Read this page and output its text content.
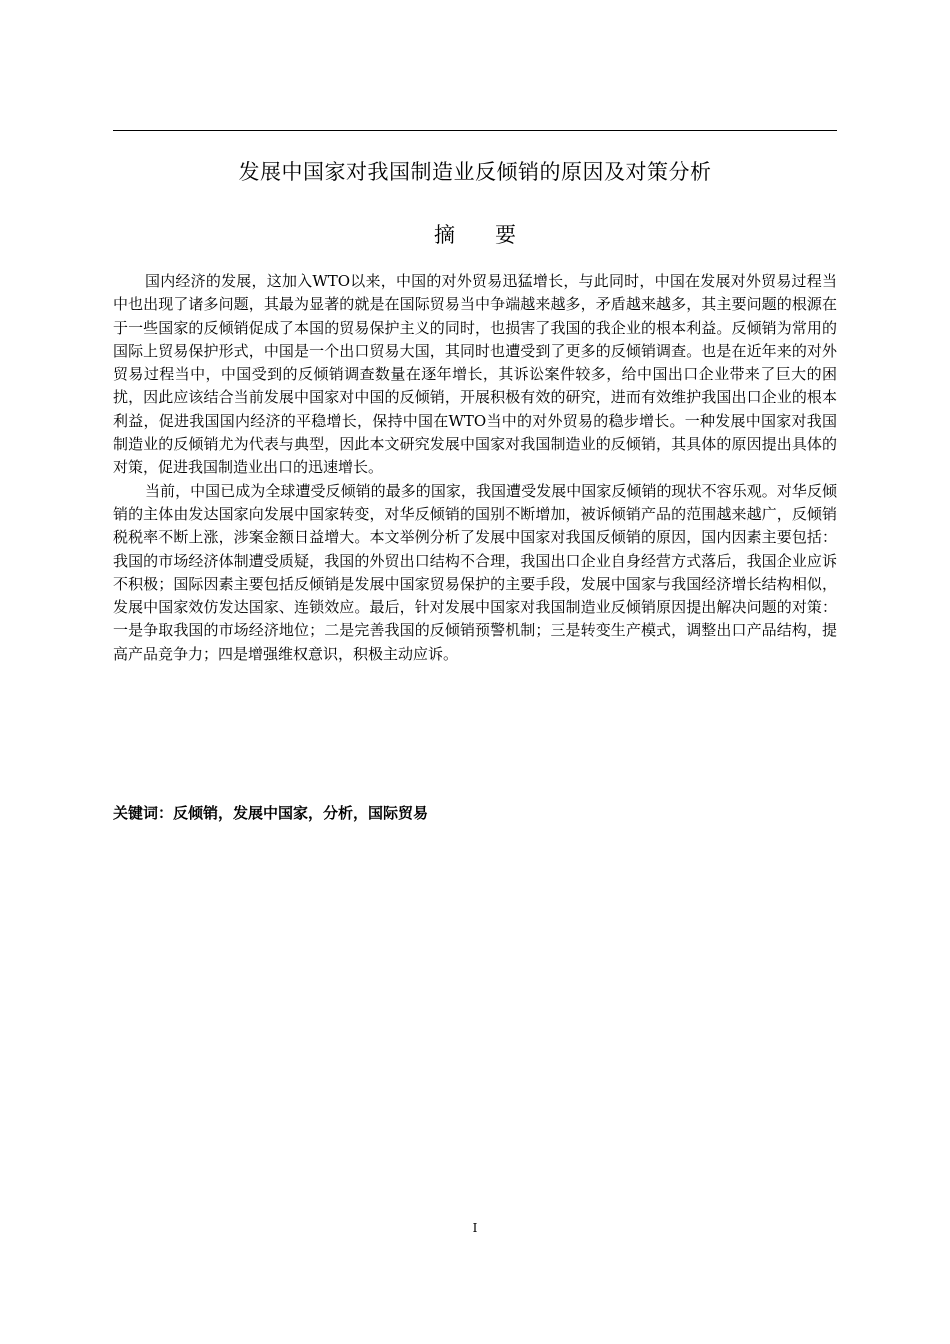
发展中国家对我国制造业反倾销的原因及对策分析
摘要

国内经济的发展，这加入WTO以来，中国的对外贸易迅猛增长，与此同时，中国在发展对外贸易过程当中也出现了诸多问题，其最为显著的就是在国际贸易当中争端越来越多，矛盾越来越多，其主要问题的根源在于一些国家的反倾销促成了本国的贸易保护主义的同时，也损害了我国的我企业的根本利益。反倾销为常用的国际上贸易保护形式，中国是一个出口贸易大国，其同时也遭受到了更多的反倾销调查。也是在近年来的对外贸易过程当中，中国受到的反倾销调查数量在逐年增长，其诉讼案件较多，给中国出口企业带来了巨大的困扰，因此应该结合当前发展中国家对中国的反倾销，开展积极有效的研究，进而有效维护我国出口企业的根本利益，促进我国国内经济的平稳增长，保持中国在WTO当中的对外贸易的稳步增长。一种发展中国家对我国制造业的反倾销尤为代表与典型，因此本文研究发展中国家对我国制造业的反倾销，其具体的原因提出具体的对策，促进我国制造业出口的迅速增长。

当前，中国已成为全球遭受反倾销的最多的国家，我国遭受发展中国家反倾销的现状不容乐观。对华反倾销的主体由发达国家向发展中国家转变，对华反倾销的国别不断增加，被诉倾销产品的范围越来越广，反倾销税税率不断上涨，涉案金额日益增大。本文举例分析了发展中国家对我国反倾销的原因，国内因素主要包括：我国的市场经济体制遭受质疑，我国的外贸出口结构不合理，我国出口企业自身经营方式落后，我国企业应诉不积极；国际因素主要包括反倾销是发展中国家贸易保护的主要手段，发展中国家与我国经济增长结构相似，发展中国家效仿发达国家、连锁效应。最后，针对发展中国家对我国制造业反倾销原因提出解决问题的对策：一是争取我国的市场经济地位；二是完善我国的反倾销预警机制；三是转变生产模式，调整出口产品结构，提高产品竞争力；四是增强维权意识，积极主动应诉。

关键词：反倾销，发展中国家，分析，国际贸易
I
